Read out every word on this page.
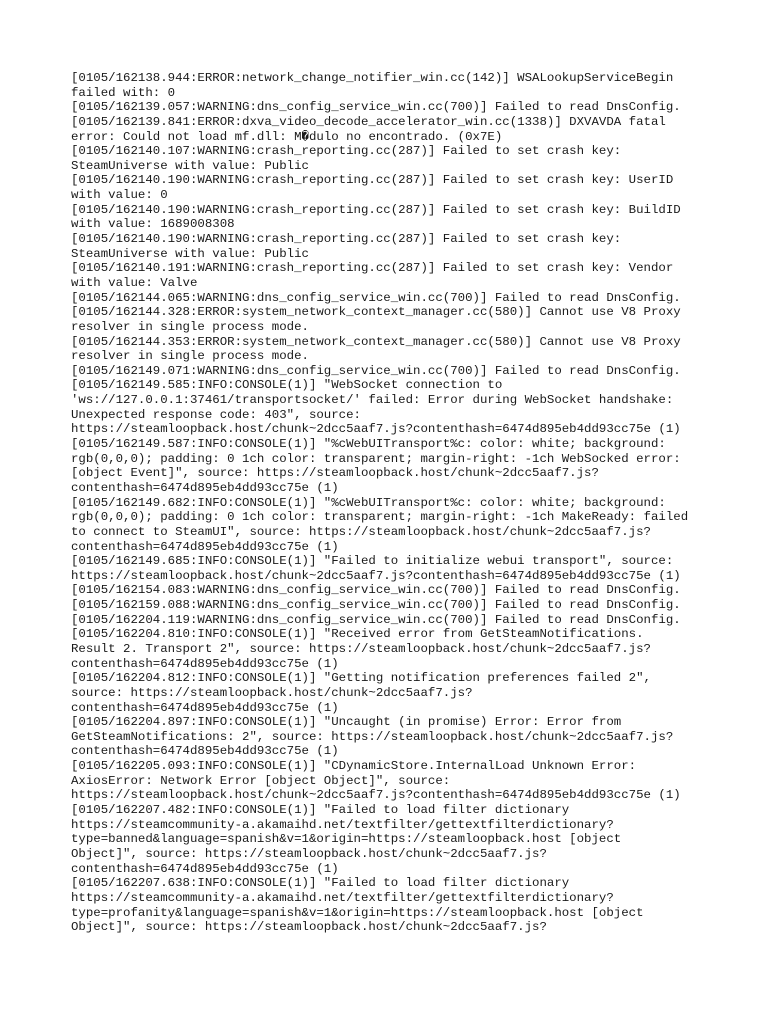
[0105/162138.944:ERROR:network_change_notifier_win.cc(142)] WSALookupServiceBegin
failed with: 0
[0105/162139.057:WARNING:dns_config_service_win.cc(700)] Failed to read DnsConfig.
[0105/162139.841:ERROR:dxva_video_decode_accelerator_win.cc(1338)] DXVAVDA fatal
error: Could not load mf.dll: M�dulo no encontrado. (0x7E)
[0105/162140.107:WARNING:crash_reporting.cc(287)] Failed to set crash key:
SteamUniverse with value: Public
[0105/162140.190:WARNING:crash_reporting.cc(287)] Failed to set crash key: UserID
with value: 0
[0105/162140.190:WARNING:crash_reporting.cc(287)] Failed to set crash key: BuildID
with value: 1689008308
[0105/162140.190:WARNING:crash_reporting.cc(287)] Failed to set crash key:
SteamUniverse with value: Public
[0105/162140.191:WARNING:crash_reporting.cc(287)] Failed to set crash key: Vendor
with value: Valve
[0105/162144.065:WARNING:dns_config_service_win.cc(700)] Failed to read DnsConfig.
[0105/162144.328:ERROR:system_network_context_manager.cc(580)] Cannot use V8 Proxy
resolver in single process mode.
[0105/162144.353:ERROR:system_network_context_manager.cc(580)] Cannot use V8 Proxy
resolver in single process mode.
[0105/162149.071:WARNING:dns_config_service_win.cc(700)] Failed to read DnsConfig.
[0105/162149.585:INFO:CONSOLE(1)] "WebSocket connection to
'ws://127.0.0.1:37461/transportsocket/' failed: Error during WebSocket handshake:
Unexpected response code: 403", source:
https://steamloopback.host/chunk~2dcc5aaf7.js?contenthash=6474d895eb4dd93cc75e (1)
[0105/162149.587:INFO:CONSOLE(1)] "%cWebUITransport%c: color: white; background:
rgb(0,0,0); padding: 0 1ch color: transparent; margin-right: -1ch WebSocked error:
[object Event]", source: https://steamloopback.host/chunk~2dcc5aaf7.js?
contenthash=6474d895eb4dd93cc75e (1)
[0105/162149.682:INFO:CONSOLE(1)] "%cWebUITransport%c: color: white; background:
rgb(0,0,0); padding: 0 1ch color: transparent; margin-right: -1ch MakeReady: failed
to connect to SteamUI", source: https://steamloopback.host/chunk~2dcc5aaf7.js?
contenthash=6474d895eb4dd93cc75e (1)
[0105/162149.685:INFO:CONSOLE(1)] "Failed to initialize webui transport", source:
https://steamloopback.host/chunk~2dcc5aaf7.js?contenthash=6474d895eb4dd93cc75e (1)
[0105/162154.083:WARNING:dns_config_service_win.cc(700)] Failed to read DnsConfig.
[0105/162159.088:WARNING:dns_config_service_win.cc(700)] Failed to read DnsConfig.
[0105/162204.119:WARNING:dns_config_service_win.cc(700)] Failed to read DnsConfig.
[0105/162204.810:INFO:CONSOLE(1)] "Received error from GetSteamNotifications.
Result 2. Transport 2", source: https://steamloopback.host/chunk~2dcc5aaf7.js?
contenthash=6474d895eb4dd93cc75e (1)
[0105/162204.812:INFO:CONSOLE(1)] "Getting notification preferences failed 2",
source: https://steamloopback.host/chunk~2dcc5aaf7.js?
contenthash=6474d895eb4dd93cc75e (1)
[0105/162204.897:INFO:CONSOLE(1)] "Uncaught (in promise) Error: Error from
GetSteamNotifications: 2", source: https://steamloopback.host/chunk~2dcc5aaf7.js?
contenthash=6474d895eb4dd93cc75e (1)
[0105/162205.093:INFO:CONSOLE(1)] "CDynamicStore.InternalLoad Unknown Error:
AxiosError: Network Error [object Object]", source:
https://steamloopback.host/chunk~2dcc5aaf7.js?contenthash=6474d895eb4dd93cc75e (1)
[0105/162207.482:INFO:CONSOLE(1)] "Failed to load filter dictionary
https://steamcommunity-a.akamaihd.net/textfilter/gettextfilterdictionary?
type=banned&language=spanish&v=1&origin=https://steamloopback.host [object
Object]", source: https://steamloopback.host/chunk~2dcc5aaf7.js?
contenthash=6474d895eb4dd93cc75e (1)
[0105/162207.638:INFO:CONSOLE(1)] "Failed to load filter dictionary
https://steamcommunity-a.akamaihd.net/textfilter/gettextfilterdictionary?
type=profanity&language=spanish&v=1&origin=https://steamloopback.host [object
Object]", source: https://steamloopback.host/chunk~2dcc5aaf7.js?
